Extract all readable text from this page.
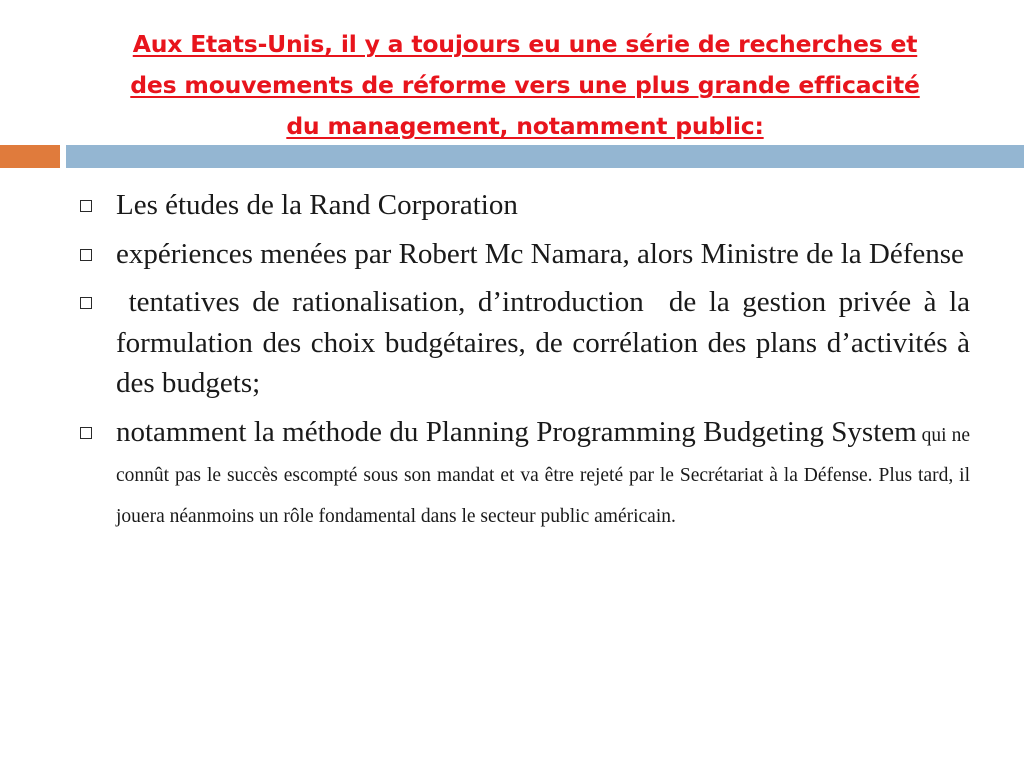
Aux Etats-Unis, il y a toujours eu une série de recherches et
des mouvements de réforme vers une plus grande efficacité
du management, notamment public:
Les études de la Rand Corporation
expériences menées par Robert Mc Namara, alors Ministre de la Défense
tentatives de rationalisation, d’introduction  de la gestion privée à la formulation des choix budgétaires, de corrélation des plans d’activités à des budgets;
notamment la méthode du Planning Programming Budgeting System qui ne connût pas le succès escompté sous son mandat et va être rejeté par le Secrétariat à la Défense. Plus tard, il jouera néanmoins un rôle fondamental dans le secteur public américain.
